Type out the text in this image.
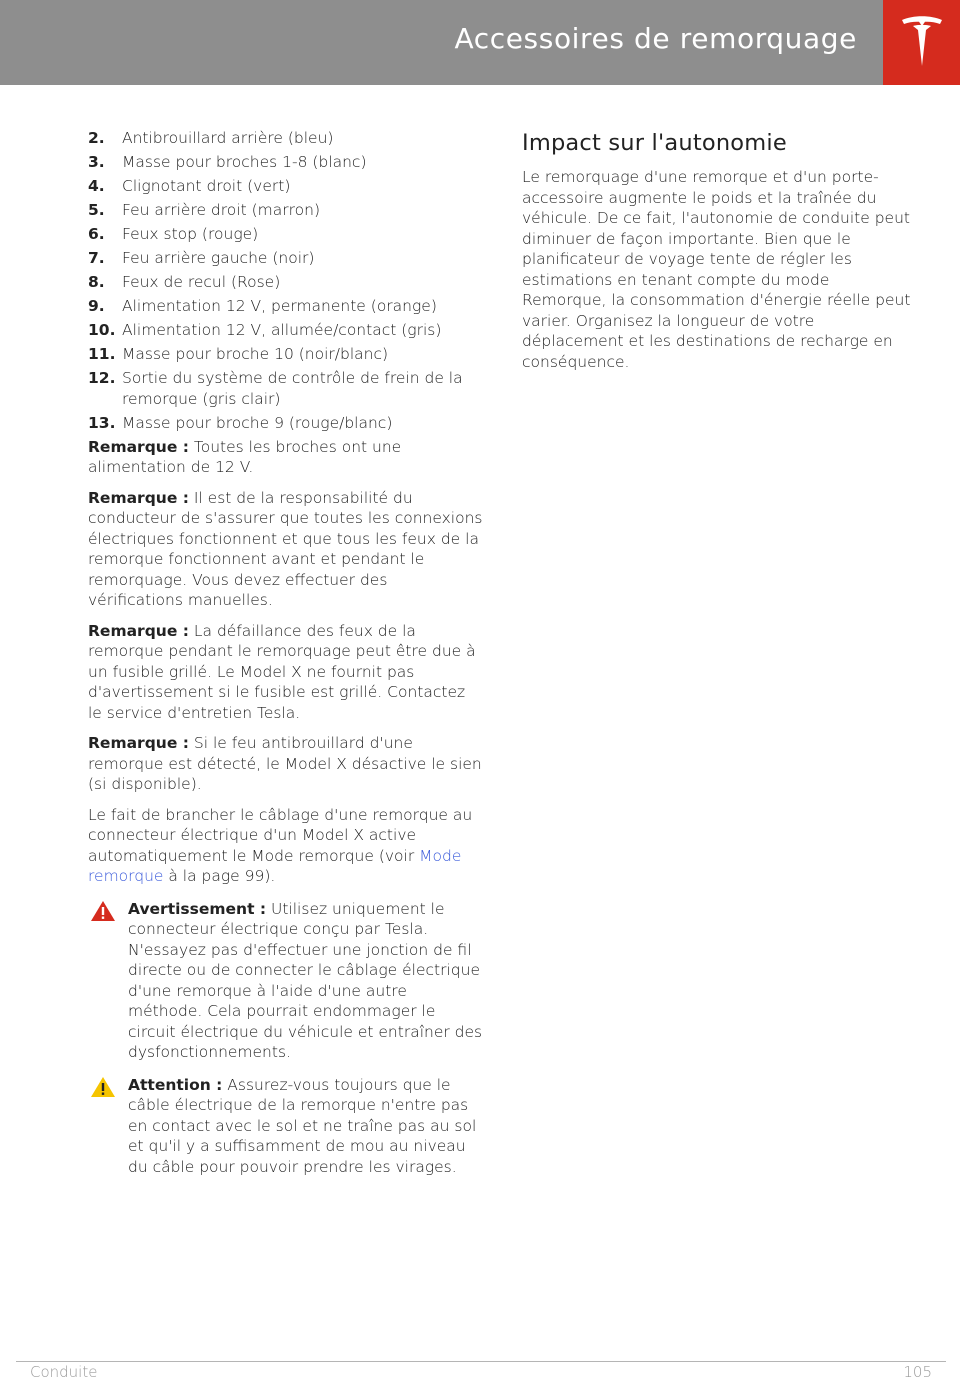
Accessoires de remorquage
2. Antibrouillard arrière (bleu)
3. Masse pour broches 1-8 (blanc)
4. Clignotant droit (vert)
5. Feu arrière droit (marron)
6. Feux stop (rouge)
7. Feu arrière gauche (noir)
8. Feux de recul (Rose)
9. Alimentation 12 V, permanente (orange)
10. Alimentation 12 V, allumée/contact (gris)
11. Masse pour broche 10 (noir/blanc)
12. Sortie du système de contrôle de frein de la remorque (gris clair)
13. Masse pour broche 9 (rouge/blanc)

Remarque : Toutes les broches ont une alimentation de 12 V.

Remarque : Il est de la responsabilité du conducteur de s'assurer que toutes les connexions électriques fonctionnent et que tous les feux de la remorque fonctionnent avant et pendant le remorquage. Vous devez effectuer des vérifications manuelles.

Remarque : La défaillance des feux de la remorque pendant le remorquage peut être due à un fusible grillé. Le Model X ne fournit pas d'avertissement si le fusible est grillé. Contactez le service d'entretien Tesla.

Remarque : Si le feu antibrouillard d'une remorque est détecté, le Model X désactive le sien (si disponible).

Le fait de brancher le câblage d'une remorque au connecteur électrique d'un Model X active automatiquement le Mode remorque (voir Mode remorque à la page 99).

Avertissement : Utilisez uniquement le connecteur électrique conçu par Tesla. N'essayez pas d'effectuer une jonction de fil directe ou de connecter le câblage électrique d'une remorque à l'aide d'une autre méthode. Cela pourrait endommager le circuit électrique du véhicule et entraîner des dysfonctionnements.

Attention : Assurez-vous toujours que le câble électrique de la remorque n'entre pas en contact avec le sol et ne traîne pas au sol et qu'il y a suffisamment de mou au niveau du câble pour pouvoir prendre les virages.

Impact sur l'autonomie

Le remorquage d'une remorque et d'un porte-accessoire augmente le poids et la traînée du véhicule. De ce fait, l'autonomie de conduite peut diminuer de façon importante. Bien que le planificateur de voyage tente de régler les estimations en tenant compte du mode Remorque, la consommation d'énergie réelle peut varier. Organisez la longueur de votre déplacement et les destinations de recharge en conséquence.

Conduite	105
